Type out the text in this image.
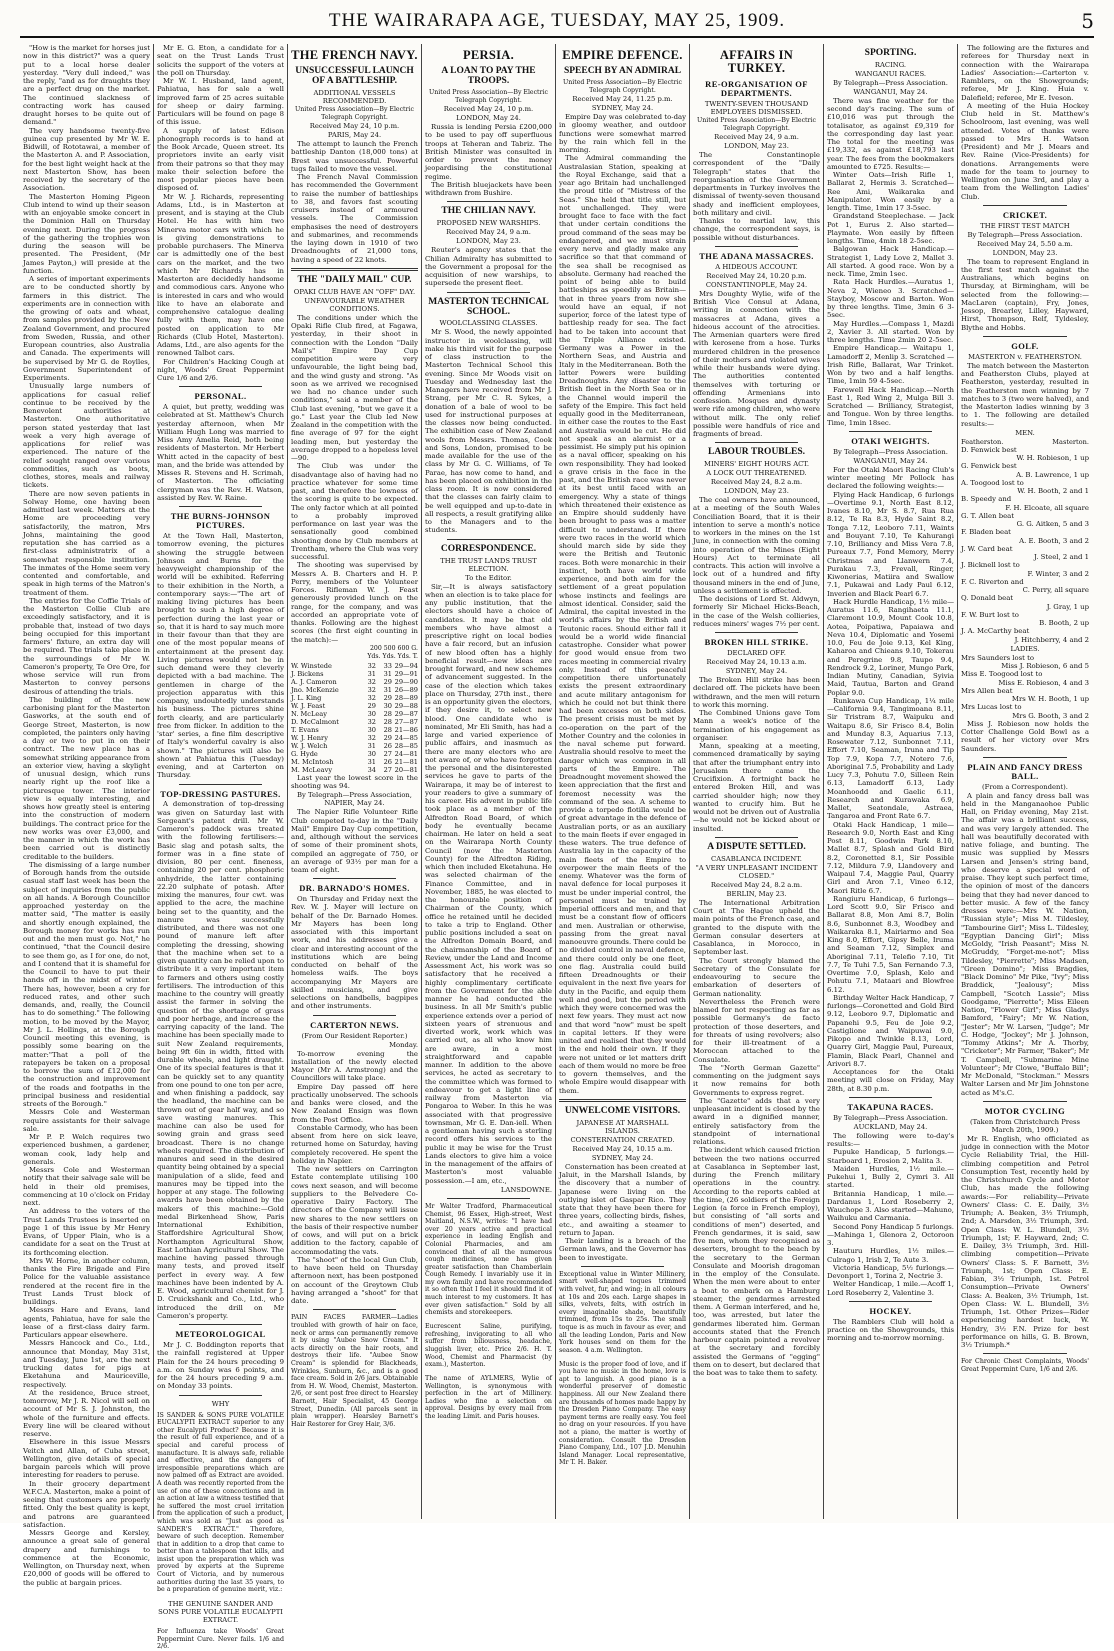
THE WAIRARAPA AGE, TUESDAY, MAY 25, 1909.	5

"How is the market for horses just now in this district?" was a query put to a local horse dealer yesterday. "Very dull indeed," was the reply, "and as for draughts they are a perfect drug on the market. The continued slackness of contracting work has caused draught horses to be quite out of demand."

The very handsome twenty-five guinea cup presented by Mr W. E. Bidwill, of Rototawai, a member of the Masterton A. and P. Association, for the best light weight hack at the next Masterton Show, has been received by the secretary of the Association.

The Masterton Homing Pigeon Club intend to wind up their season with an enjoyable smoke concert in the Dominion Hall on Thursday evening next. During the progress of the gathering the trophies won during the season will be presented. The President, (Mr James Payton,) will preside at the function.

A series of important experiments are to be conducted shortly by farmers in this district. The experiments are in connection with the growing of oats and wheat, from samples provided by the New Zealand Government, and procured from Sweden, Russia, and other European countries, also Australia and Canada. The experiments will be supervised by Mr G. de Roylles, Government Superintendent of Experiments.

Unusually large numbers of applications for casual relief continue to be received by the Benevolent authorities at Masterton. One authoritative person stated yesterday that last week a very high average of applications for relief was experienced. The nature of the relief sought ranged over various commodities, such as boots, clothes, stores, meals and railway tickets.

There are now seven patients in Solway Home, one having been admitted last week. Matters at the Home are proceeding very satisfactorily, the matron, Mrs Johns, maintaining the good reputation she has carried as a first-class administratrix of a somewhat responsible institution. The inmates of the Home seem very contented and comfortable, and speak in high terms of the Matron's treatment of them.

The entries for the Coffie Trials of the Masterton Collie Club are exceedingly satisfactory, and it is probable that, instead of two days being occupied for this important farmers' fixture, an extra day will be required. The trials take place in the surroundings of Mr W. Cameron's property, Te Ore Ore, for whose service will run from Masterton to convey persons desirous of attending the trials.

The building of the new carbonising plant for the Masterton Gasworks, at the south end of George Street, Masterton, is now completed, the painters only having a day or two to put in on their contract. The new place has a somewhat striking appearance from an exterior view, having a skylight of unusual design, which runs nearly right up the roof like a picturesque tower. The interior view is equally interesting, and shows how greatly steel is entering into the construction of modern buildings. The contract price for the new works was over £3,000, and the manner in which the work has been carried out is distinctly creditable to the builders.

The dismissing of a large number of Borough hands from the outside casual staff last week has been the subject of inquiries from the public on all hands. A Borough Councillor approached yesterday on the matter said, "The matter is easily and shortly enough explained, the Borough money for works has run out and the men must go. Not," he continued, "that the Council desire to see them go, as I for one, do not, and I contend that it is shameful for the Council to have to put their hands off in the midst of winter. There has, however, been a cry for reduced rates, and other such demands, and, really, the Council has to do something." The following motion, to be moved by the Mayor, Mr J. L. Hollings, at the Borough Council meeting this evening, is possibly some bearing on the matter:"That a poll of the ratepayers be taken on a proposal to borrow the sum of £12,000 for the construction and improvement of the roads and footpaths in the principal business and residential streets of the Borough."

Messrs Cole and Westerman require assistants for their salvage sale.

Mr P. P. Welch requires two experienced bushmen, a gardener, woman cook, lady help and generals.

Messrs Cole and Westerman notify that their salvage sale will be held in their old premises, commencing at 10 o'clock on Friday next.

An address to the voters of the Trust Lands Trustees is inserted on page 1 of this issue by Mr Henry Evans, of Upper Plain, who is a candidate for a seat on the Trust at its forthcoming election.

Mrs W. Horne, in another column, thanks the Fire Brigade and Fire Police for the valuable assistance rendered at the recent fire in the Trust Lands Trust block of buildings.

Messrs Hare and Evans, land agents, Pahiatua, have for sale the lease of a first-class dairy farm. Particulars appear elsewhere.

Messrs Hancock and Co., Ltd., announce that Monday, May 31st, and Tuesday, June 1st, are the next trucking dates for pigs at Eketahuna and Mauriceville, respectively.

At the residence, Bruce street, tomorrow, Mr J. R. Nicol will sell on account of Mr S. J. Johnston, the whole of the furniture and effects. Every line will be cleared without reserve.

Elsewhere in this issue Messrs Veitch and Allan, of Cuba street, Wellington, give details of special bargain parcels which will prove interesting for readers to peruse.

In their grocery department W.F.C.A. Masterton, make a point of seeing that customers are properly fitted. Only the best quality is kept, and patrons are guaranteed satisfaction.

Messrs George and Kersley, announce a great sale of general drapery and furnishings to commence at the Economic, Wellington, on Thursday next, when £20,000 of goods will be offered to the public at bargain prices.

Mr E. G. Eton, a candidate for a seat on the Trust Lands Trust solicits the support of the voters at the poll on Thursday.

Mr W. I. Husband, land agent, Pahiatua, has for sale a well improved farm of 25 acres suitable for sheep or dairy farming. Particulars will be found on page 8 of this issue.

A supply of latest Edison phonograph records is to hand at the Book Arcade, Queen street. Its proprietors invite an early visit from their patrons so that they may make their selection before the most popular pieces have been disposed of.

Mr W. J. Richards, representing Adams, Ltd., is in Masterton at present, and is staying at the Club Hotel. He has with him two Minerva motor cars with which he is giving demonstrations to probable purchasers. The Minerva car is admittedly one of the best cars on the market, and the two which Mr Richards has in Masterton are decidedly handsome and commodious cars. Anyone who is interested in cars and who would like to have an elaborate and comprehensive catalogue dealing fully with them, may have one posted on application to Mr Richards (Club Hotel, Masterton). Adams, Ltd., are also agents for the renowned Talbot cars.

For Children's Hacking Cough at night, Woods' Great Peppermint Cure 1/6 and 2/6.

PERSONAL.

A quiet, but pretty, wedding was celebrated at St. Matthew's Church yesterday afternoon, when Mr William Hugh Long was married to Miss Amy Amelia Reid, both being residents of Masterton. Mr Herbert Whitt acted in the capacity of best man, and the bride was attended by Misses R. Stevens and H. Scrimah, of Masterton. The officiating clergyman was the Rev. H. Watson, assisted by Rev. W. Raine.

THE BURNS-JOHNSON PICTURES.

At the Town Hall, Masterton, tomorrow evening, the pictures showing the struggle between Johnson and Burns for the heavyweight championship of the world will be exhibited. Referring to their exhibition in the North, a contemporary says:—"The art of making living pictures has been brought to such a high degree of perfection during the last year or so, that it is hard to say much more in their favour than that they are one of the most popular means of entertainment at the present day. Living pictures would not be in such demand were they cleverly depicted with a bad machine. The gentlemen in charge of the projection apparatus with this company, undoubtedly understands his business. The pictures shine forth clearly, and are particularly free from flicker. In addition to the 'star' series, a fine film descriptive of Italy's wonderful cavalry is also shown." The pictures will also be shown at Pahiatua this (Tuesday) evening, and at Carterton on Thursday.

TOP-DRESSING PASTURES.

A demonstration of top-dressing was given on Saturday last with Sergeant's patent drill. Mr W. Cameron's paddock was treated with the following fertilisers:— Basic slag and potash salts, the former was in a fine state of division, 80 per cent. fineness, containing 20 per cent. phosphoric anhydride, the latter containing 22.20 sulphate of potash. After mixing the manures, four cwt. was applied to the acre, the machine being set to the quantity, and the manure was successfully distributed, and there was not one pound of manure left after completing the dressing, showing that the machine when set to a given quantity can be relied upon to distribute it a very important item to farmers and others using costly fertilisers. The introduction of this machine to the country will greatly assist the farmer in solving the question of the shortage of grass and poor herbage, and increase the carrying capacity of the land. The machine has been specially made to suit New Zealand requirements, being 9ft 6in in width, fitted with durable wheels, and light draught. One of its special features is that it can be quickly set to any quantity from one pound to one ton per acre, and when finishing a paddock, say the headland, the machine can be thrown out of gear half way, and so save wasting manures. This machine can also be used for sowing grain and grass seed broadcast. There is no change wheels required. The distribution of manures and seed in the desired quantity being obtained by a special manipulation of a slide, feed and manures may be tipped into the hopper at any stage. The following awards have been obtained by the makers of this machine:—Gold medal Birkenhead Show, Paris International Exhibition, Staffordshire Agricultural Show, Northampton Agricultural Show, East Lothian Agricultural Show. The machine having passed through many tests, and proved itself perfect in every way. A few machines have been indented by A. E. Wood, agricultural chemist for J. D. Cruickshank and Co., Ltd., who introduced the drill on Mr Cameron's property.

METEOROLOGICAL

Mr J. C. Boddington reports that the rainfall registered at Upper Plain for the 24 hours preceding 9 a.m. on Sunday was 6 points, and for the 24 hours preceding 9 a.m. on Monday 33 points.

WHY

IS SANDER & SONS PURE VOLATILE EUCALYPTI EXTRACT superior to any other Eucalypti Product? Because it is the result of full experience, and of a special and careful process of manufacture. It is always safe, reliable and effective, and the dangers of irresponsible preparations which are now palmed off as Extract are avoided. A death was recently reported from the use of one of these concoctions and in an action at law a witness testified that he suffered the most cruel irritation from the application of such a product, which was sold as "Just as good as SANDER'S EXTRACT." Therefore, beware of such deception. Remember that in addition to a drop that came to better than a tablespoon that kills, and insist upon the preparation which was proved by experts at the Supreme Court of Victoria, and by numerous authorities during the last 35 years, to be a preparation of genuine merit, viz.:

THE GENUINE SANDER AND SONS PURE VOLATILE EUCALYPTI EXTRACT.

For Influenza take Woods' Great Peppermint Cure. Never fails. 1/6 and 2/6.

THE FRENCH NAVY.
UNSUCCESSFUL LAUNCH OF A BATTLESHIP.
ADDITIONAL VESSELS RECOMMENDED.
United Press Association—By Electric Telegraph Copyright.
Received May 24, 10 p.m.
PARIS, May 24.

The attempt to launch the French battleship Danton (18,000 tons) at Brest was unsuccessful. Powerful tugs failed to move the vessel.

The French Naval Commission has recommended the Government to raise the number of battleships to 38, and favors fast scouting cruisers instead of armoured vessels. The Commission emphasises the need of destroyers and submarines, and recommends the laying down in 1910 of two Dreadnoughts of 21,000 tons, having a speed of 22 knots.

THE "DAILY MAIL" CUP.
OPAKI CLUB HAVE AN "OFF" DAY.
UNFAVOURABLE WEATHER CONDITIONS.

The conditions under which the Opaki Rifle Club fired, at Fagawa, yesterday, in their shoot in connection with the London "Daily Mail's" Empire Day Cup competition were very unfavourable, the light being bad, and the wind gusty and strong. "As soon as we arrived we recognised we had no chance under such conditions," said a member of the Club last evening, "but we gave it a go." Last year the Club led New Zealand in the competition with the fine average of 97 for the eight leading men, but yesterday the average dropped to a hopeless level—90.

The Club was under the disadvantage also of having had no practice whatever for some time past, and therefore the lowness of the scoring is quite to be expected. The only factor which at all pointed to a probably improved performance on last year was the sensationally good combined shooting done by Club members at Trentham, where the Club was very successful.

The shooting was supervised by Messrs A. B. Charters and H. P. Perry, members of the Volunteer Forces. Rifleman W. J. Feast generously provided lunch on the range, for the company, and was accorded an appropriate vote of thanks. Following are the highest scores (the first eight counting in the match):—

200 500 600 G.
Yds. Yds. Yds. T.
W. Winstede	32	33	29—94
J. Bickens	31	31	29—91
A. J. Cameron	32	29	29—90
Jno. McKenzie	32	31	26—89
J. L. King	32	29	28—89
W. J. Feast	29	30	29—88
N. McLeay	30	28	29—87
D. McCalmont	32	28	27—87
T. Evans	30	28	21—86
W. J. Henry	32	29	24—85
W. J. Welch	31	26	28—85
G. Hyde	30	27	24—81
M. McIntosh	31	26	21—81
M. McLeavy	34	27	20—81

Last year the lowest score in the shooting was 94.

By Telegraph—Press Association, NAPIER, May 24.

The Napier Rifle Volunteer Rifle Club competed to-day in the "Daily Mail" Empire Day Cup competition, and, although without the services of some of their prominent shots, compiled an aggregate of 750, or an average of 93½ per man for a team of eight.

DR. BARNADO'S HOMES.

On Thursday and Friday next the Rev. W. J. Mayer will lecture on behalf of the Dr. Barnado Homes. Mr Mayers has been long associated with this important work, and his addresses give a clear and interesting account of the institutions which are being conducted on behalf of the homeless waifs. The boys accompanying Mr Mayers are skilled musicians, and give selections on handbells, bagpipes and other instruments.

CARTERTON NEWS.
(From Our Resident Reporter.)
Monday.

To-morrow evening the installation of the newly elected Mayor (Mr A. Armstrong) and the Councillors will take place.

Empire Day passed off here practically unobserved. The schools and banks were closed, and the New Zealand Ensign was flown from the Post Office.

Constable Carmody, who has been absent from here on sick leave, returned home on Saturday, having completely recovered. He spent the holiday in Napier.

The new settlers on Carrington Estate contemplate utilising 100 cows next season, and will become suppliers to the Belvedere Co-operative Dairy Factory. The directors of the Company will issue new shares to the new settlers on the basis of their respective number of cows, and will put on a brick addition to the factory, capable of accommodating the vats.

The "shoot" of the local Gun Club, to have been held on Thursday afternoon next, has been postponed on account of the Greytown Club having arranged a "shoot" for that date.

PAIN FACES FARMER—Ladies troubled with growth of hair on face, neck or arms can permanently remove it by using "Aubee Snow Cream." It acts directly on the hair roots, and destroys their life. "Aubee Snow Cream" is splendid for Blackheads, Wrinkles, Sunburn, &c., and is a good face cream. Sold in 2/6 jars. Obtainable from H. W. Wood, Chemist, Masterton. 2/6, or sent post free direct to Hearsley Barnett, Hair Specialist, 45 George Street, Dunedin. (All parcels sent in plain wrapper). Hearsley Barnett's Hair Restorer for Grey Hair, 3/6.

PERSIA.
A LOAN TO PAY THE TROOPS.
United Press Association—By Electric Telegraph Copyright.
Received May 24, 10 p.m.
LONDON, May 24.

Russia is lending Persia £200,000 to be used to pay off superfluous troops at Teheran and Tabriz. The British Minister was consulted in order to prevent the money jeopardising the constitutional regime.

The British bluejackets have been withdrawn from Bushire.

THE CHILIAN NAVY.
PROPOSED NEW WARSHIPS.
Received May 24, 9 a.m.
LONDON, May 23.

Reuter's agency states that the Chilian Admiralty has submitted to the Government a proposal for the acquisition of new warships, to supersede the present fleet.

MASTERTON TECHNICAL SCHOOL.
WOOLCLASSING CLASSES.

Mr S. Wood, the newly appointed instructor in woolclassing, will make his third visit for the purpose of class instruction to the Masterton Technical School this evening. Since Mr Woods visit on Tuesday and Wednesday last the Managers have received from Mr J. Strang, per Mr C. R. Sykes, a donation of a bale of wool to be used for instructional purposes at the classes now being conducted. The exhibition case of New Zealand wools from Messrs. Thomas, Cook and Sons, London, promised to be made available for the use of the class by Mr G. C. Williams, of Te Parae, has now come to hand, and has been placed on exhibition in the class room. It is now considered that the classes can fairly claim to be well equipped and up-to-date in all respects, a result gratifying alike to the Managers and to the students.

CORRESPONDENCE.
THE TRUST LANDS TRUST ELECTION.
To the Editor.

Sir,—It is always satisfactory when an election is to take place for any public institution, that the electors should have a choice of candidates. It may be that old members who have almost a prescriptive right on local bodies have a fair record, but an infusion of new blood often has a highly beneficial result—new ideas are brought forward, and new schemes of advancement suggested. In the case of the election which takes place on Thursday, 27th inst., there is an opportunity given the electors, if they desire it, to select new blood. One candidate who is nominated, Mr Eli Smith, has had a large and varied experience of public affairs, and inasmuch as there are many electors who are not aware of, or who have forgotten the personal and the disinterested services he gave to parts of the Wairarapa, it may be of interest to your readers to give a summary of his career. His advent in public life took place as a member of the Alfredton Road Board, of which body he eventually became chairman. He later on held a seat on the Wairarapa North County Council (now the Masterton County) for the Alfredton Riding, which then included Eketahuna. He was selected chairman of the Finance Committee, and in November, 1885, he was elected to the honourable position of Chairman of the County, which office he retained until he decided to take a trip to England. Other public positions included a seat on the Alfredton Domain Board, and the chairmanship of the Board of Review, under the Land and Income Assessment Act, his work was so satisfactory that he received a highly complimentary certificate from the Government for the able manner he had conducted the business. In all Mr Smith's public experience extends over a period of sixteen years of strenuous and diverted work, work which was carried out, as all who know him are aware, in a most straightforward and capable manner. In addition to the above services, he acted as secretary to the committee which was formed to endeavour to get a light line of railway from Masterton via Pongaroa to Weber. In this he was associated with that progressive townsman, Mr G. E. Dan-iell. When a gentleman having such a sterling record offers his services to the public it may be wise for the Trust Lands electors to give him a voice in the management of the affairs of Masterton's most valuable possession.—I am, etc.,

LANSDOWNE.

Mr Walter Tradford, Pharmaceutical Chemist, 96 Essex, High-street, West Maitland, N.S.W., writes: "I have had over 20 years active and practical experience in leading English and Colonial Pharmacies, and am convinced that of all the numerous cough medicines, none has given greater satisfaction than Chamberlain Cough Remedy. I invariably use it in my own family and have recommended it so often that I feel it should find it of much interest to my customers. It has ever given satisfaction." Sold by all chemists and storekeepers.

Eucrescent Saline, purifying, refreshing, invigorating to all who suffer from biliousness, headache, sluggish liver, etc. Price 2/6. H. T. Wood, Chemist and Pharmacist (by exam.), Masterton.

The name of AYLMERS, Wylie of Wellington, is synonymous with perfection in the art of Millinery. Ladies who fine a selection on approval. Designs by every mail from the leading Limit. and Paris houses.

EMPIRE DEFENCE.
SPEECH BY AN ADMIRAL
United Press Association—By Electric Telegraph Copyright.
Received May 24, 11.25 p.m.
SYDNEY, May 24.

Empire Day was celebrated to-day in gloomy weather, and outdoor functions were somewhat marred by the rain which fell in the morning.

The Admiral commanding the Australasian Station, speaking at the Royal Exchange, said that a year ago Britain had unchallenged the proud title of "Mistress of the Seas." She held that title still, but not unchallenged. They were brought face to face with the fact that under certain conditions the proud command of the seas may be endangered, and we must strain every nerve and gladly make any sacrifice so that that command of the sea shall be recognised as absolute. Germany had reached the point of being able to build battleships as speedily as Britain—that in three years from now she would have an equal, if not superior, force of the latest type of battleship ready for sea. The fact had to be taken into account that the Triple Alliance existed. Germany was a Power in the Northern Seas, and Austria and Italy in the Mediterranean. Both the latter Powers were building Dreadnoughts. Any disaster to the British fleet in the North Sea or in the Channel would imperil the safety of the Empire. This fact held equally good in the Mediterranean, in either case the routes to the East and Australia would be cut. He did not speak as an alarmist or a pessimist. He simply put his opinion as a naval officer, speaking on his own responsibility. They had looked a grave crisis in the face in the past, and the British race was never at its best until faced with an emergency. Why a state of things which threatened their existence as an Empire should suddenly have been brought to pass was a matter difficult to understand. If there were two races in the world which should march side by side they were the British and Teutonic races. Both were monarchic in their instinct, both have world wide experience, and both aim for the settlement of a great population whose instincts and feelings are almost identical. Consider, said the Admiral, the capital invested in the world's affairs by the British and Teutonic races. Should either fall it would be a world wide financial catastrophe. Consider what power for good would ensue from two races meeting in commercial rivalry only. Instead of this peaceful competition there unfortunately exists the present extraordinary and acute military antagonism for which he could not but think there had been excesses on both sides. The present crisis must be met by co-operation on the part of the Mother Country and the colonies in the naval scheme put forward. Australia should resolve to meet the danger which was common in all parts of the Empire. The Dreadnought movement showed the keen appreciation that the first and foremost necessity was the command of the sea. A scheme to provide a torpedo flotilla would be of great advantage in the defence of Australian ports, or as an auxiliary to the main fleets if ever engaged in these waters. The true defence of Australia lay in the capacity of the main fleets of the Empire to overpower the main fleets of the enemy. Whatever was the form of naval defence for local purposes it must be under imperial control, the personnel must be trained by Imperial officers and men, and that must be a constant flow of officers and men. Australian or otherwise, passing from the great naval manoeuvre grounds. There could be no divided control in naval defence, and there could only be one fleet, one flag. Australia could build fifteen Dreadnoughts or their equivalent in the next five years for duty in the Pacific, and equip them well and good, but the period with which they were concerned was the next few years. They must act now and that word "now" must be spelt in capital letters. If they were united and realised that they would in the end hold their own. If they were not united or let matters drift each of them would no more be free to govern themselves, and the whole Empire would disappear with them.

UNWELCOME VISITORS.
JAPANESE AT MARSHALL ISLANDS.
CONSTERNATION CREATED.
Received May 24, 10.15 a.m.
SYDNEY, May 24.

Consternation has been created at Jaluit, in the Marshall Islands, by the discovery that a number of Japanese were living on the outlying islet of Gaspar Rico. They state that they have been there for three years, collecting birds, fishes, etc., and awaiting a steamer to return to Japan.

Their landing is a breach of the German laws, and the Governor has been to investigate.

Exceptional value in Winter Millinery, smart well-shaped toques trimmed with velvet, fur, and wing; in all colours at 10s and 20s each. Large shapes in silks, velvets, felts, with ostrich in every imaginable shade, beautifully trimmed, from 15s to 25s. The small toque is as much in favour as ever, and all the leading London, Paris and New York houses send on them for the season. 4 a.m. Wellington.

Music is the proper food of love, and if you have no music in the home, love is apt to languish. A good piano is a wonderful preserver of domestic happiness. All our New Zealand there are thousands of homes made happy by the Dresden Piano Company. The easy payment terms are really easy. You feel no drag on your resources. If you have not a piano, the matter is worthy of consideration. Consult the Dresden Piano Company, Ltd., 107 J.D. Menuhin Island Manager. Local representative, Mr T. H. Baker.

AFFAIRS IN TURKEY.
RE-ORGANISATION OF DEPARTMENTS.
TWENTY-SEVEN THOUSAND EMPLOYEES DISMISSED.
United Press Association—By Electric Telegraph Copyright.
Received May 24, 9 a.m.
LONDON, May 23.

The Constantinople correspondent of the "Daily Telegraph" states that the reorganisation of the Government departments in Turkey involves the dismissal of twenty-seven thousand shady and inefficient employees, both military and civil.

Thanks to martial law, this change, the correspondent says, is possible without disturbances.

THE ADANA MASSACRES.
A HIDEOUS ACCOUNT.
Received May 24, 10.20 p.m.
CONSTANTINOPLE, May 24.

Mrs Doughty Wylie, wife of the British Vice Consul at Adana, writing in connection with the massacres at Adana, gives a hideous account of the atrocities. The Armenian quarters were fired with kerosene from a hose. Turks murdered children in the presence of their mothers and violated wives while their husbands were dying. The authorities contented themselves with torturing or offending Armenians into confession. Mosques and dynasty were rife among children, who were without milk. The only relief possible were handfuls of rice and fragments of bread.

LABOUR TROUBLES.
MINERS' EIGHT HOURS ACT.
A LOCK OUT THREATENED.
Received May 24, 8.2 a.m.
LONDON, May 23.

The coal owners have announced, at a meeting of the South Wales Conciliation Board, that it is their intention to serve a month's notice to workers in the mines on the 1st June, in connection with the coming into operation of the Mines (Eight Hours) Act to terminate all contracts. This action will involve a lock out of a hundred and fifty thousand miners in the end of June, unless a settlement is effected.

The decisions of Lord St. Aldwyn, formerly Sir Michael Hicks-Beach, in the case of the Welsh collieries, reduces miners' wages 7½ per cent.

BROKEN HILL STRIKE.
DECLARED OFF.
Received May 24, 10.13 a.m.
SYDNEY, May 24.

The Broken Hill strike has been declared off. The pickets have been withdrawn, and the men will return to work this morning.

The Combined Unions gave Tom Mann a week's notice of the termination of his engagement as organiser.

Mann, speaking at a meeting, commenced dramatically by saying that after the triumphant entry into Jerusalem there came the Crucifixion. A fortnight back he entered Broken Hill, and was carried shoulder high; now they wanted to crucify him. But he would not be driven out of Australia—he would not be kicked about or insulted.

A DISPUTE SETTLED.
CASABLANCA INCIDENT.
"A VERY UNPLEASANT INCIDENT CLOSED."
Received May 24, 8.2 a.m.
BERLIN, May 23.

The International Arbitration Court at The Hague upheld the main points of the French case, and granted to the dispute with the German consular deserters at Casablanca, in Morocco, in September last.

The Court strongly blamed the Secretary of the Consulate for endeavouring to secure the embarkation of deserters of German nationality.

Nevertheless the French were blamed for not respecting as far as possible Germany's de facto protection of those deserters, and for threats of using revolvers; also for their ill-treatment of a Moroccan attached to the Consulate.

The "North German Gazette" commenting on the judgment says it now remains for both Governments to express regret.

The "Gazette" adds that a very unpleasant incident is closed by the award in a dignified manner, entirely satisfactory from the standpoint of international relations.

The incident which caused friction between the two nations occurred at Casablanca in September last, during the French military operations in the country. According to the reports cabled at the time, (26 soldiers of the Foreign Legion (a force in French employ), but consisting of "all sorts and conditions of men") deserted, and French gendarmes, it is said, saw five men, whom they recognised as deserters, brought to the beach by the secretary to the German Consulate and Moorish dragoman in the employ of the Consulate. When the men were about to enter a boat to embark on a Hamburg steamer, the gendarmes arrested them. A German interfered, and he, too, was arrested, but later the gendarmes liberated him. German accounts stated that the French harbour captain pointed a revolver at the secretary and forcibly assisted the Germans of "egging" them on to desert, but declared that the boat was to take them to safety.

SPORTING.
RACING.
WANGANUI RACES.
By Telegraph—Press Association.
WANGANUI, May 24.

There was fine weather for the second day's racing. The sum of £10,016 was put through the totalisator, as against £9,319 for the corresponding day last year. The total for the meeting was £19,332, as against £18,793 last year. The fees from the bookmakers amounted to £725. Results:—

Winter Oats—Irish Rifle 1, Ballarat 2, Hermis 3. Scratched—Ree Ami, Waikaraka and Manipulator. Won easily by a length. Time, 1min 17 3-5sec.

Grandstand Steeplechase. — Jack Pot 1, Eurus 2. Also started—Playmate. Won easily by fifteen lengths. Time, 4min 18 2-5sec.

Balgowan Hack Handicap.— Strategist 1, Lady Love 2, Mallet 3. All started. A good race. Won by a neck. Time, 2min 1sec.

Rata Hack Hurdles.—Auratus 1, Neva 2, Wieneo 3. Scratched—Stayboy, Moscow and Barton. Won by three lengths. Time, 3min 6 3-5sec.

May Hurdles.—Compass 1, Mazdi 2, Xavier 3. All started. Won by three lengths. Time 2min 20 2-5sec.

Empire Handicap.— Waitapu 1, Lamadorff 2, Menlip 3. Scratched —Irish Rifle, Ballarat, War Trinket. Won by two and a half lengths. Time, 1min 59 4-5sec.

Farewell Hack Handicap.—North East 1, Red Wing 2, Mulga Bill 3. Scratched — Brilliancy, Strategist, and Tongue. Won by three lengths. Time, 1min 18sec.

OTAKI WEIGHTS.
By Telegraph—Press Association.
WANGANUI, May 24.

For the Otaki Maori Racing Club's winter meeting Mr Pollock has declared the following weights:—

Flying Hack Handicap, 6 furlongs —Overtime 9.1, North East 8.12, Ivanes 8.10, Mr S. 8.7, Rua Rua 8.12, Te Ra 8.3, Hyde Saint 8.2, Tonga 7.12, Leoboro 7.11, Waints and Bouyant 7.10, Te Kahurangi 7.10, Brilliancy and Miss Vera 7.8, Pureaux 7.7, Fond Memory, Merry Christmas and Llanwern 7.4, Purakau 7.3, Frevall, Ringer, Kiwonerias, Matiira and Swallow 7.1, Pukawai and Lady Paul 6.12, Inverien and Black Pearl 6.7.

Hack Hurdle Handicap, 1½ mile—Auratus 11.6, Rangihaeta 11.1, Claremont 10.9, Mount Cook 10.8, Aotea, Poipatiwa, Papaiawa and Neva 10.4, Diplomatic and Yosemi 10.0, Feu de Joie 9.13, Kel King, Kaharoa and Chieans 9.10, Tokerau and Peregrine 9.8, Taupo 9.4, Rendrock 9.2, Loriner, Mungo Park, Indian Mutiny, Canadian, Syivia Maid, Tautua, Barton and Grand Poplar 9.0.

Runkawa Cup Handicap, 1¼ mile—California 9.4, Tangimoana 8.11, Sir Tristram 8.7, Waipuku and Waitapu 8.6, Sir Frisco 8.4, Bolin and Munday 8.3, Aquarius 7.13, Rosewater 7.12, Sunbonnet 7.11, Effort 7.10, Seaman, Iruna and Tip Top 7.9, Kopa 7.7, Notero 7.6, Aboriginal 7.5, Probability and Lady Lucy 7.3, Pohutu 7.0, Silleen Rein 6.13, Lamadorff 6.13, Lady Moanhoodd and Gaelic 6.11, Research and Kurawaka 6.9, Mallet, Seatondale, Astraea, Tangaroa and Front Rate 6.7.

Otaki Hack Handicap, 1 mile—Research 9.0, North East and King Post 8.11, Goodwin Park 8.10, Mallet 8.7, Splash and Gold Bird 8.2, Coronetted 8.1, Sir Possible 7.12, Mildura 7.9, Llandovery and Waipaul 7.4, Maggie Paul, Quarry Girl and Aron 7.1, Vineo 6.12, Maori Ritle 6.7.

Rangiuru Handicap, 6 furlongs—Lord Scott 9.0, Sir Frisco and Ballarat 8.8, Mon Ami 8.7, Bolin 8.6, Sunbonnet 8.3, Woodbey and Waikaraka 8.1, Mairiarmo and Sea King 8.0, Effort, Gipsy Belle, Iruma and Seaman 7.12, Simplex and Aboriginal 7.11, Telefio 7.10, Tit 7.7, Te Tuhi 7.5, San Fernando 7.3, Overtime 7.0, Splash, Kelo and Pohutu 7.1, Mataari and Blowfree 6.12.

Birthday Welter Hack Handicap, 7 furlongs—Coronetted and Gold Bird 9.12, Leoboro 9.7, Diplomatic and Papanehi 9.5, Feu de Joie 9.2, Castiglione and Waipuwai 9.0, Pikopo and Twinkle 8.13, Lord, Quarry Girl, Maggie Paul, Pureaux, Flamin, Black Pearl, Channel and Arivori 8.7.

Acceptances for the Otaki meeting will close on Friday, May 28th, at 8.30 p.m.

TAKAPUNA RACES.
By Telegraph—Press Association.
AUCKLAND, May 24.

The following were to-day's results:—

Pupuke Handicap, 5 furlongs.—Starboard 1, Erosion 2, Malita 3.

Maiden Hurdles, 1½ mile.—Pukehui 1, Bully 2, Cymri 3. All started.

Britannia Handicap, 1 mile.—Dardanus 1, Lord Roseberry 2, Wauchope 3. Also started—Mahuno, Waihuku and Carmania.

Second Pony Handicap 5 furlongs. —Mahinga 1, Glenora 2, Octoroon 3.

Hauturu Hurdles, 1½ miles.—Culrago 1, Irish 2, Te Aute 3.

Victoria Handicap, 5½ furlongs.—Devonport 1, Torina 2, Nectrie 3.

Welter Handicap, 1 mile.—Acoff 1, Lord Roseberry 2, Valentine 3.

HOCKEY.

The Ramblers Club will hold a practice on the Showgrounds, this morning and to-morrow morning.

The following are the fixtures and referees for Thursday next in connection with the Wairarapa Ladies' Association:—Carterton v. Ramblers, on the Showgrounds; referee, Mr J. King. Huia v. Dalefield; referee, Mr E. Iveson.

A meeting of the Huia Hockey Club held in St. Matthew's Schoolroom, last evening, was well attended. Votes of thanks were passed to Mrs H. Watson (President) and Mr J. Mears and Rev. Raine (Vice-Presidents) for donations. Arrangements were made for the team to journey to Wellington on June 3rd, and play a team from the Wellington Ladies' Club.

CRICKET.
THE FIRST TEST MATCH
By Telegraph—Press Association.
Received May 24, 5.50 a.m.
LONDON, May 23.

The team to represent England in the first test match against the Australians, which begins on Thursday, at Birmingham, will be selected from the following:—MacLaren (captain), Fry, Jones, Jessop, Brearley, Lilley, Hayward, Hirst, Thompson, Relf, Tyldesley, Blythe and Hobbs.

GOLF.
MASTERTON v. FEATHERSTON.

The match between the Masterton and Featherston Clubs, played at Featherston, yesterday, resulted in the Featherston men winning by 7 matches to 3 (two were halved), and the Masterton ladies winning by 3 to 1. The following are detailed results:—

MEN.
Featherston.	Masterton.
D. Fenwick best
W. H. Robieson, 1 up
G. Fenwick best
A. B. Lawrence, 1 up
A. Toogood lost to
W. H. Booth, 2 and 1
B. Speedy and
F. H. Elcoate, all square
G. T. Allen beat
G. G. Aitken, 5 and 3
F. Bladen beat
A. E. Booth, 3 and 2
J. W. Card beat
J. Steel, 2 and 1
J. Bicknell lost to
F. Winter, 3 and 2
F. C. Riverton and
C. Perry, all square
Q. Donald beat
J. Gray, 1 up
F. W. Burt lost to
B. Booth, 2 up
J. A. McCarthy beat
J. Hitchberry, 4 and 2
LADIES.
Mrs Saunders lost to
Miss J. Robieson, 6 and 5
Miss E. Toogood lost to
Miss E. Robieson, 4 and 3
Mrs Allen beat
Mrs W. H. Booth, 1 up
Mrs Lucas lost to
Mrs G. Booth, 3 and 2

Miss J. Robieson now holds the Cotter Challenge Gold Bowl as a result of her victory over Mrs Saunders.

PLAIN AND FANCY DRESS BALL.
(From a Correspondent).

A plain and fancy dress ball was held in the Manganaohoe Public Hall, on Friday evening, May 21st. The affair was a brilliant success, and was very largely attended. The hall was beautifully decorated with native foliage, and bunting. The music was supplied by Messrs Larsen and Jensen's string band, who deserve a special word of praise. They kept such perfect time, the opinion of most of the dancers being that they had never danced to better music. A few of the fancy dresses were:—Mrs W. Nation, "Russian style"; Miss M. Tildesley, "Tambourine Girl"; Miss L. Tildesley, "Egyptian Dancing Girl"; Miss McGoldy, "Irish Peasant"; Miss N. McGruddy, "Forget-me-not"; Miss Tildesley, "Pierrette"; Miss Madsen, "Green Domino"; Miss Bragdies, "Black Domino" Mr Pike, "Ivy"; Miss Braddick, "Jealousy"; Miss Campbell, "Scotch Lassie"; Miss Goodgame, "Pierrette"; Miss Eileen Nation, "Flower Girl"; Miss Gladys Bamford, "Fairy"; Mr W. Nation, "Jester"; Mr W. Larsen, "Judge"; Mr C. Hodge, "Jockey"; Mr J. Johnson, "Tommy Atkins"; Mr A. Thorby, "Cricketer"; Mr Farmer, "Baker"; Mr T. Campbell, "Submarine Mine Volunteer"; Mr Clowe, "Buffalo Bill"; Mr McDonald, "Stockman." Messrs Walter Larsen and Mr Jim Johnstone acted as M's.C.

MOTOR CYCLING
(Taken from Christchurch Press March 20th, 1909.)

Mr R. English, who officiated as judge in connection with the Motor Cycle Reliability Trial, the Hill-climbing competition and Petrol Consumption Test, recently held by the Christchurch Cycle and Motor Club, has made the following awards:—For reliability—Private Owners' Class: C. E. Daily, 3½ Triumph; A. Beaken, 3½ Triumph, 2nd; A. Marsden, 3½ Triumph, 3rd. Open Class: W. L. Blundell, 3½ Triumph, 1st; F. Hayward, 2nd; C. E. Dailey, 3½ Triumph, 3rd. Hill-climbing competition—Private Owners' Class: S. F. Barnett, 3½ Triumph, 1st; Open Class: E. Fabian, 3½ Triumph, 1st. Petrol Consumption—Private Owners' Class: A. Beaken, 3½ Triumph, 1st. Open Class: W. L. Blundell, 3½ Triumph, 1st. Other Prizes—Rider experiencing hardest luck, W. Hendry, 3½ F.N. Prize for best performance on hills, G. B. Brown, 3½ Triumph.*

For Chronic Chest Complaints, Woods' Great Peppermint Cure, 1/6 and 2/6.
